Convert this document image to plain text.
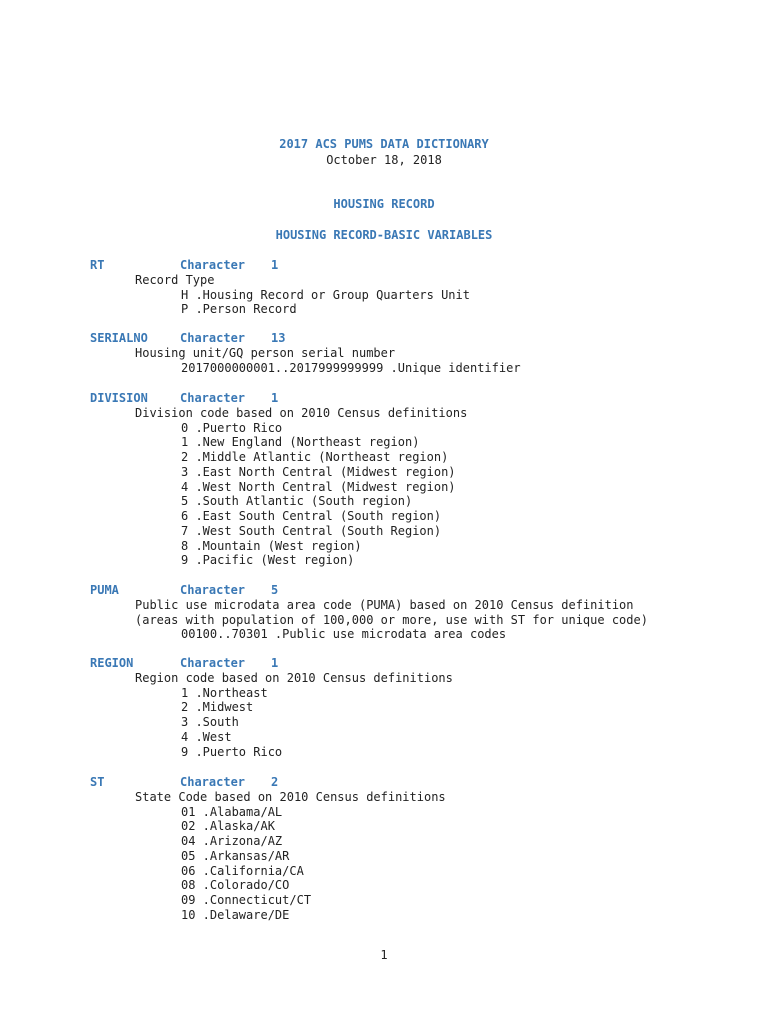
2017 ACS PUMS DATA DICTIONARY
October 18, 2018
HOUSING RECORD
HOUSING RECORD-BASIC VARIABLES
RT	Character 1
Record Type
H .Housing Record or Group Quarters Unit
P .Person Record
SERIALNO	Character 13
Housing unit/GQ person serial number
2017000000001..2017999999999 .Unique identifier
DIVISION	Character 1
Division code based on 2010 Census definitions
0 .Puerto Rico
1 .New England (Northeast region)
2 .Middle Atlantic (Northeast region)
3 .East North Central (Midwest region)
4 .West North Central (Midwest region)
5 .South Atlantic (South region)
6 .East South Central (South region)
7 .West South Central (South Region)
8 .Mountain (West region)
9 .Pacific (West region)
PUMA	Character 5
Public use microdata area code (PUMA) based on 2010 Census definition
(areas with population of 100,000 or more, use with ST for unique code)
00100..70301 .Public use microdata area codes
REGION	Character 1
Region code based on 2010 Census definitions
1 .Northeast
2 .Midwest
3 .South
4 .West
9 .Puerto Rico
ST	Character 2
State Code based on 2010 Census definitions
01 .Alabama/AL
02 .Alaska/AK
04 .Arizona/AZ
05 .Arkansas/AR
06 .California/CA
08 .Colorado/CO
09 .Connecticut/CT
10 .Delaware/DE
1
